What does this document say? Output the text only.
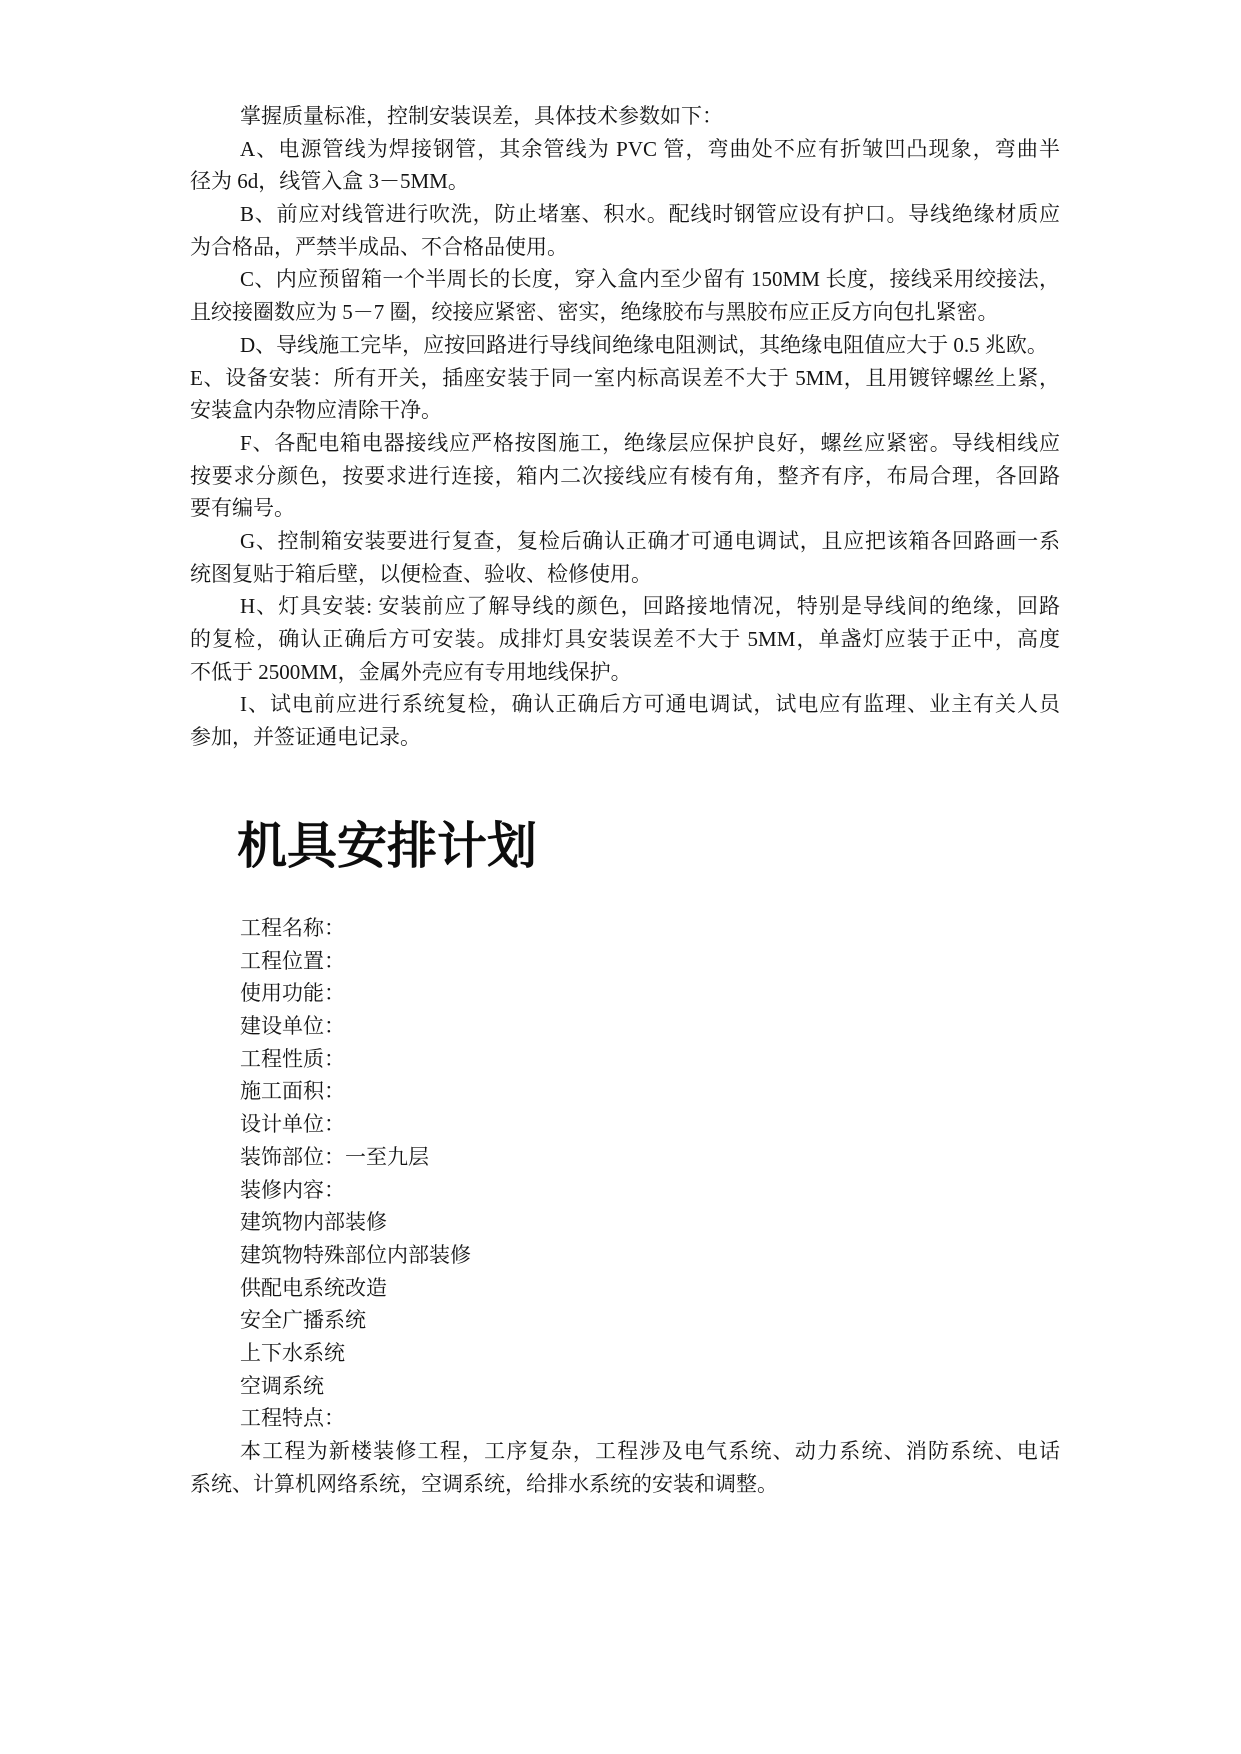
掌握质量标准，控制安装误差，具体技术参数如下：
A、电源管线为焊接钢管，其余管线为 PVC 管，弯曲处不应有折皱凹凸现象，弯曲半
径为 6d，线管入盒 3－5MM。
B、前应对线管进行吹洗，防止堵塞、积水。配线时钢管应设有护口。导线绝缘材质应
为合格品，严禁半成品、不合格品使用。
C、内应预留箱一个半周长的长度，穿入盒内至少留有 150MM 长度，接线采用绞接法，
且绞接圈数应为 5－7 圈，绞接应紧密、密实，绝缘胶布与黑胶布应正反方向包扎紧密。
D、导线施工完毕，应按回路进行导线间绝缘电阻测试，其绝缘电阻值应大于 0.5 兆欧。
E、设备安装：所有开关，插座安装于同一室内标高误差不大于 5MM，且用镀锌螺丝上紧，
安装盒内杂物应清除干净。
F、各配电箱电器接线应严格按图施工，绝缘层应保护良好，螺丝应紧密。导线相线应
按要求分颜色，按要求进行连接，箱内二次接线应有棱有角，整齐有序，布局合理，各回路
要有编号。
G、控制箱安装要进行复查，复检后确认正确才可通电调试，且应把该箱各回路画一系
统图复贴于箱后壁，以便检查、验收、检修使用。
H、灯具安装: 安装前应了解导线的颜色，回路接地情况，特别是导线间的绝缘，回路
的复检，确认正确后方可安装。成排灯具安装误差不大于 5MM，单盏灯应装于正中，高度
不低于 2500MM，金属外壳应有专用地线保护。
I、试电前应进行系统复检，确认正确后方可通电调试，试电应有监理、业主有关人员
参加，并签证通电记录。
机具安排计划
工程名称：
工程位置：
使用功能：
建设单位：
工程性质：
施工面积：
设计单位：
装饰部位：一至九层
装修内容：
建筑物内部装修
建筑物特殊部位内部装修
供配电系统改造
安全广播系统
上下水系统
空调系统
工程特点：
本工程为新楼装修工程，工序复杂，工程涉及电气系统、动力系统、消防系统、电话
系统、计算机网络系统，空调系统，给排水系统的安装和调整。
